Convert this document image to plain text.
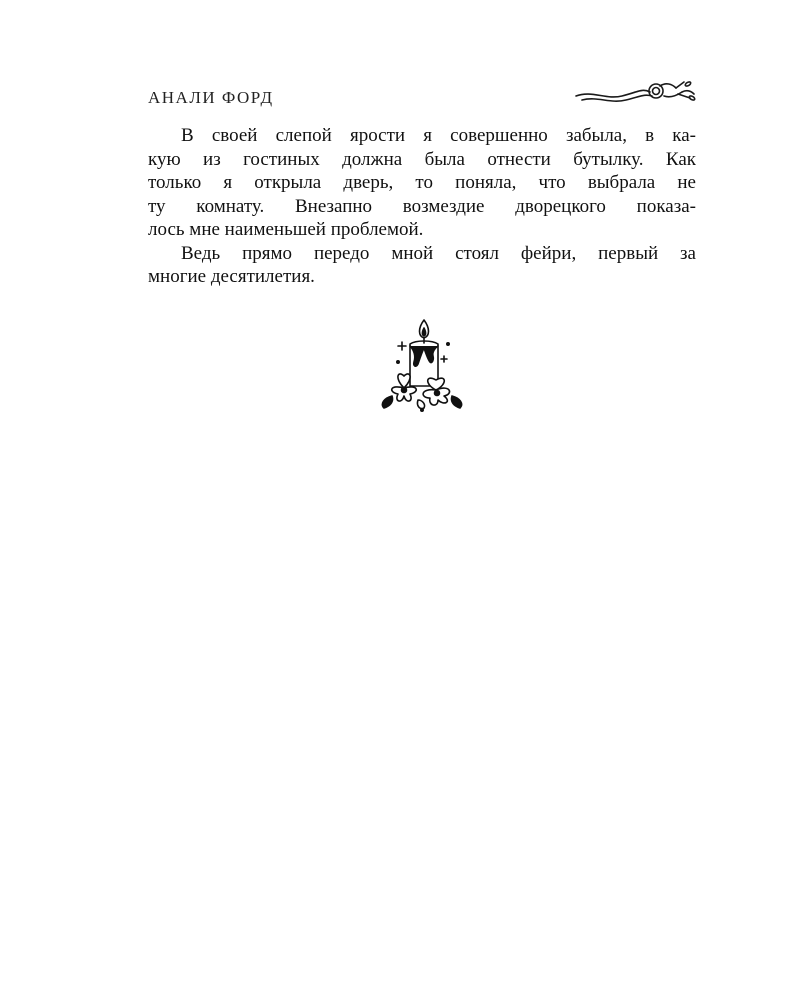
АНАЛИ ФОРД
В своей слепой ярости я совершенно забыла, в ка-
кую из гостиных должна была отнести бутылку. Как
только я открыла дверь, то поняла, что выбрала не
ту комнату. Внезапно возмездие дворецкого показа-
лось мне наименьшей проблемой.
Ведь прямо передо мной стоял фейри, первый за
многие десятилетия.
